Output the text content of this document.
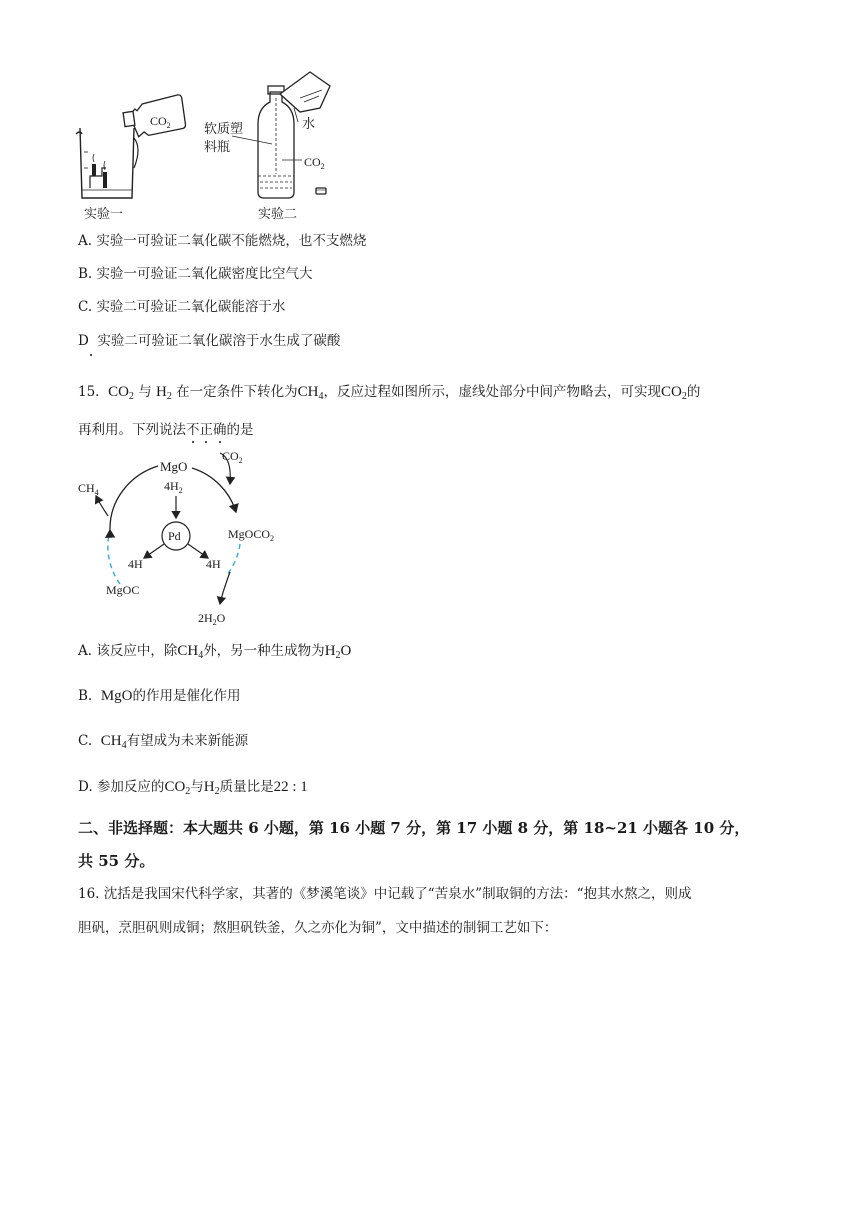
$CO_2$	水
$CO_2$
软质塑
料瓶
实验一	实验二
A. 实验一可验证二氧化碳不能燃烧，也不支燃烧
B. 实验一可验证二氧化碳密度比空气大
C. 实验二可验证二氧化碳能溶于水
D 实验二可验证二氧化碳溶于水生成了碳酸
15. $CO_2$ 与 $H_2$ 在一定条件下转化为$CH_4$，反应过程如图所示，虚线处部分中间产物略去，可实现$CO_2$的
再利用。下列说法不正确的是
MgO
$CO_2$
$4H_2$
Pd	MgOCO$_2$
4H	4H
MgOC
$CH_4$
$2H_2O$
A. 该反应中，除$CH_4$外，另一种生成物为$H_2O$
B. MgO的作用是催化作用
C. $CH_4$有望成为未来新能源
D. 参加反应的$CO_2$与$H_2$质量比是22 : 1
二、非选择题：本大题共 6 小题，第 16 小题 7 分，第 17 小题 8 分，第 18~21 小题各 10 分，
共 55 分。
16. 沈括是我国宋代科学家，其著的《梦溪笔谈》中记载了“苦泉水”制取铜的方法：“抱其水熬之，则成
胆矾，烹胆矾则成铜；熬胆矾铁釜，久之亦化为铜”，文中描述的制铜工艺如下：
